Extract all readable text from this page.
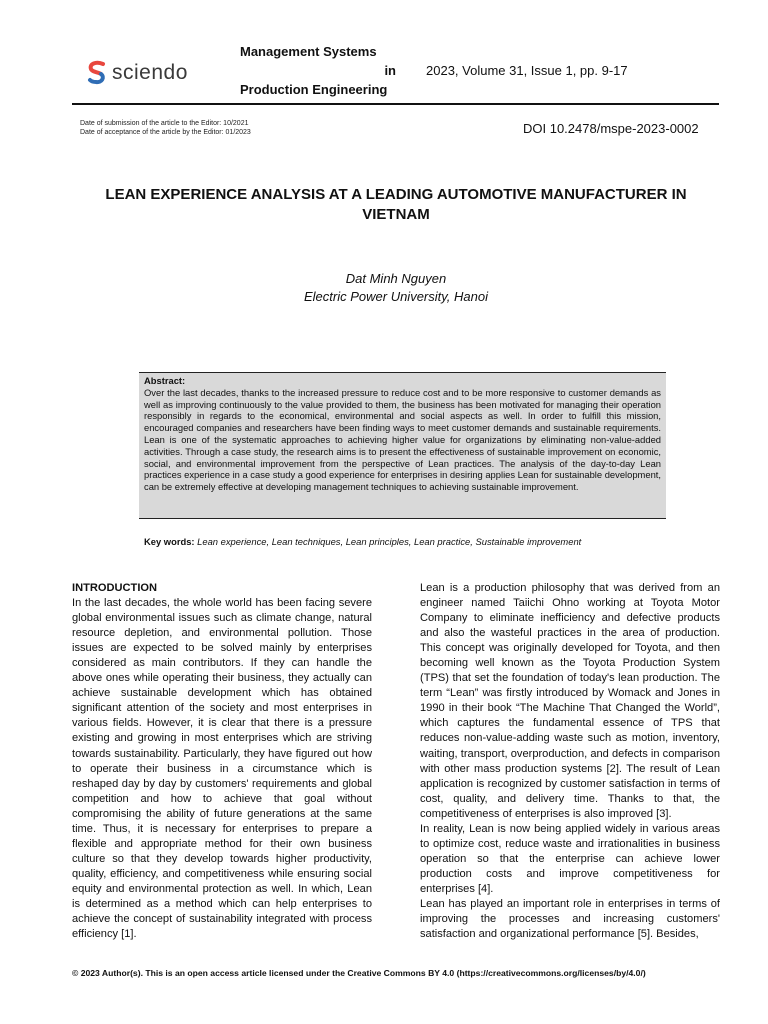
sciendo
Management Systems
in
Production Engineering
2023, Volume 31, Issue 1, pp. 9-17
Date of submission of the article to the Editor: 10/2021
Date of acceptance of the article by the Editor: 01/2023	DOI 10.2478/mspe-2023-0002
LEAN EXPERIENCE ANALYSIS AT A LEADING AUTOMOTIVE MANUFACTURER IN VIETNAM
Dat Minh Nguyen
Electric Power University, Hanoi
Abstract:
Over the last decades, thanks to the increased pressure to reduce cost and to be more responsive to customer demands as well as improving continuously to the value provided to them, the business has been motivated for managing their operation responsibly in regards to the economical, environmental and social aspects as well. In order to fulfill this mission, encouraged companies and researchers have been finding ways to meet customer demands and sustainable requirements. Lean is one of the systematic approaches to achieving higher value for organizations by eliminating non-value-added activities. Through a case study, the research aims is to present the effectiveness of sustainable improvement on economic, social, and environmental improvement from the perspective of Lean practices. The analysis of the day-to-day Lean practices experience in a case study a good experience for enterprises in desiring applies Lean for sustainable development, can be extremely effective at developing management techniques to achieving sustainable improvement.
Key words: Lean experience, Lean techniques, Lean principles, Lean practice, Sustainable improvement

INTRODUCTION

In the last decades, the whole world has been facing severe global environmental issues such as climate change, natural resource depletion, and environmental pollution. Those issues are expected to be solved mainly by enterprises considered as main contributors. If they can handle the above ones while operating their business, they actually can achieve sustainable development which has obtained significant attention of the society and most enterprises in various fields. However, it is clear that there is a pressure existing and growing in most enterprises which are striving towards sustainability. Particularly, they have figured out how to operate their business in a circumstance which is reshaped day by day by customers' requirements and global competition and how to achieve that goal without compromising the ability of future generations at the same time. Thus, it is necessary for enterprises to prepare a flexible and appropriate method for their own business culture so that they develop towards higher productivity, quality, efficiency, and competitiveness while ensuring social equity and environmental protection as well. In which, Lean is determined as a method which can help enterprises to achieve the concept of sustainability integrated with process efficiency [1].

Lean is a production philosophy that was derived from an engineer named Taiichi Ohno working at Toyota Motor Company to eliminate inefficiency and defective products and also the wasteful practices in the area of production. This concept was originally developed for Toyota, and then becoming well known as the Toyota Production System (TPS) that set the foundation of today's lean production. The term “Lean” was firstly introduced by Womack and Jones in 1990 in their book “The Machine That Changed the World”, which captures the fundamental essence of TPS that reduces non-value-adding waste such as motion, inventory, waiting, transport, overproduction, and defects in comparison with other mass production systems [2]. The result of Lean application is recognized by customer satisfaction in terms of cost, quality, and delivery time. Thanks to that, the competitiveness of enterprises is also improved [3].

In reality, Lean is now being applied widely in various areas to optimize cost, reduce waste and irrationalities in business operation so that the enterprise can achieve lower production costs and improve competitiveness for enterprises [4].

Lean has played an important role in enterprises in terms of improving the processes and increasing customers' satisfaction and organizational performance [5]. Besides,

© 2023 Author(s). This is an open access article licensed under the Creative Commons BY 4.0 (https://creativecommons.org/licenses/by/4.0/)
